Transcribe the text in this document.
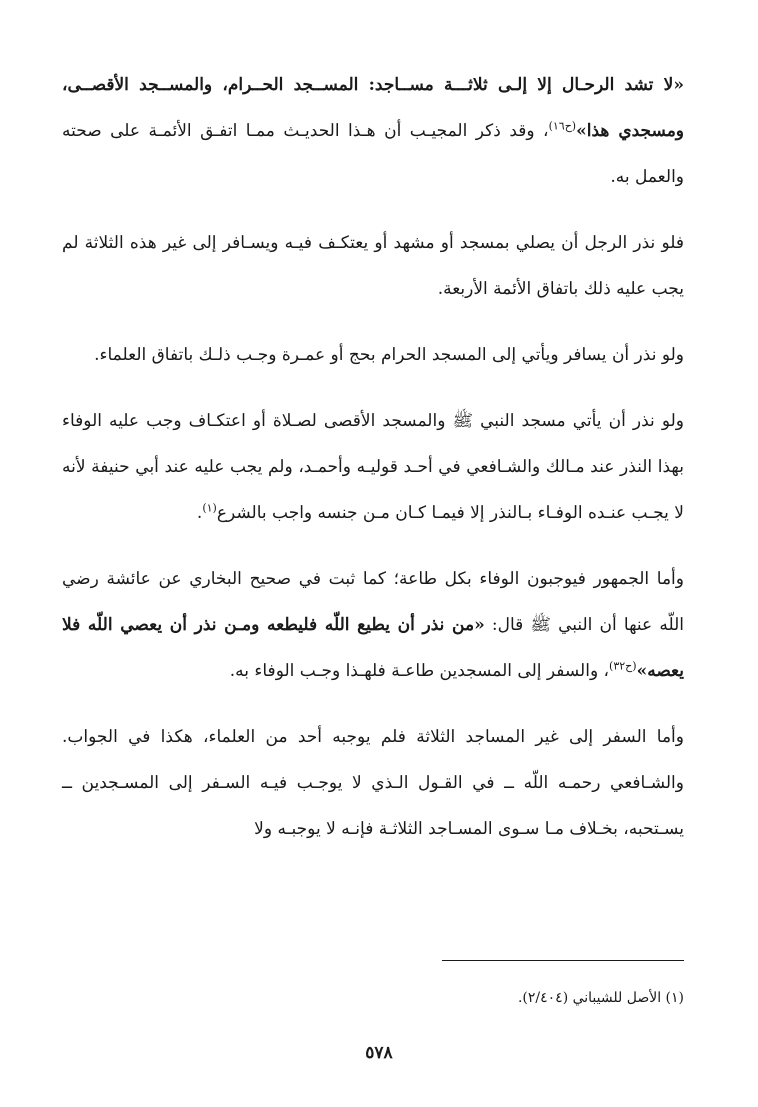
«لا تشد الرحـال إلا إلـى ثلاثـــة مســاجد: المســجد الحــرام، والمســجد الأقصــى، ومسجدي هذا»$^{(ح١٦)}$، وقد ذكر المجيـب أن هـذا الحديـث ممـا اتفـق الأئمـة على صحته والعمل به.

فلو نذر الرجل أن يصلي بمسجد أو مشهد أو يعتكـف فيـه ويسـافر إلى غير هذه الثلاثة لم يجب عليه ذلك باتفاق الأئمة الأربعة.

ولو نذر أن يسافر ويأتي إلى المسجد الحرام بحج أو عمـرة وجـب ذلـك باتفاق العلماء.

ولو نذر أن يأتي مسجد النبي ﷺ والمسجد الأقصى لصـلاة أو اعتكـاف وجب عليه الوفاء بهذا النذر عند مـالك والشـافعي في أحـد قوليـه وأحمـد، ولم يجب عليه عند أبي حنيفة لأنه لا يجـب عنـده الوفـاء بـالنذر إلا فيمـا كـان مـن جنسه واجب بالشرع$^{(١)}$.

وأما الجمهور فيوجبون الوفاء بكل طاعة؛ كما ثبت في صحيح البخاري عن عائشة رضي اللّه عنها أن النبي ﷺ قال: «من نذر أن يطيع اللّه فليطعه ومـن نذر أن يعصي اللّه فلا يعصه»$^{(ح٣٢)}$، والسفر إلى المسجدين طاعـة فلهـذا وجـب الوفاء به.

وأما السفر إلى غير المساجد الثلاثة فلم يوجبه أحد من العلماء، هكذا في الجواب. والشـافعي رحمـه اللّه ــ في القـول الـذي لا يوجـب فيـه السـفر إلى المسـجدين ــ يسـتحبه، بخـلاف مـا سـوى المسـاجد الثلاثـة فإنـه لا يوجبـه ولا

(١) الأصل للشيباني (٢/٤٠٤).
٥٧٨
